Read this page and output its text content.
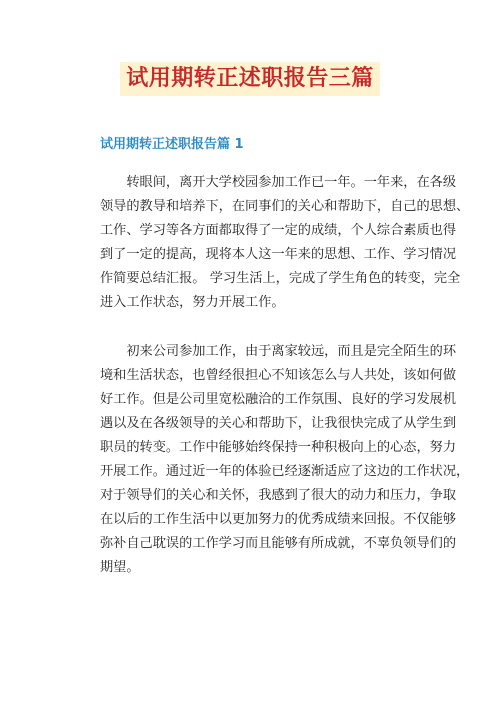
试用期转正述职报告三篇
试用期转正述职报告篇 1

　　转眼间，离开大学校园参加工作已一年。一年来，在各级
领导的教导和培养下，在同事们的关心和帮助下，自己的思想、
工作、学习等各方面都取得了一定的成绩，个人综合素质也得
到了一定的提高，现将本人这一年来的思想、工作、学习情况
作简要总结汇报。 学习生活上，完成了学生角色的转变，完全
进入工作状态，努力开展工作。

　　初来公司参加工作，由于离家较远，而且是完全陌生的环
境和生活状态，也曾经很担心不知该怎么与人共处，该如何做
好工作。但是公司里宽松融洽的工作氛围、良好的学习发展机
遇以及在各级领导的关心和帮助下，让我很快完成了从学生到
职员的转变。工作中能够始终保持一种积极向上的心态，努力
开展工作。通过近一年的体验已经逐渐适应了这边的工作状况，
对于领导们的关心和关怀，我感到了很大的动力和压力，争取
在以后的工作生活中以更加努力的优秀成绩来回报。不仅能够
弥补自己耽误的工作学习而且能够有所成就，不辜负领导们的
期望。
